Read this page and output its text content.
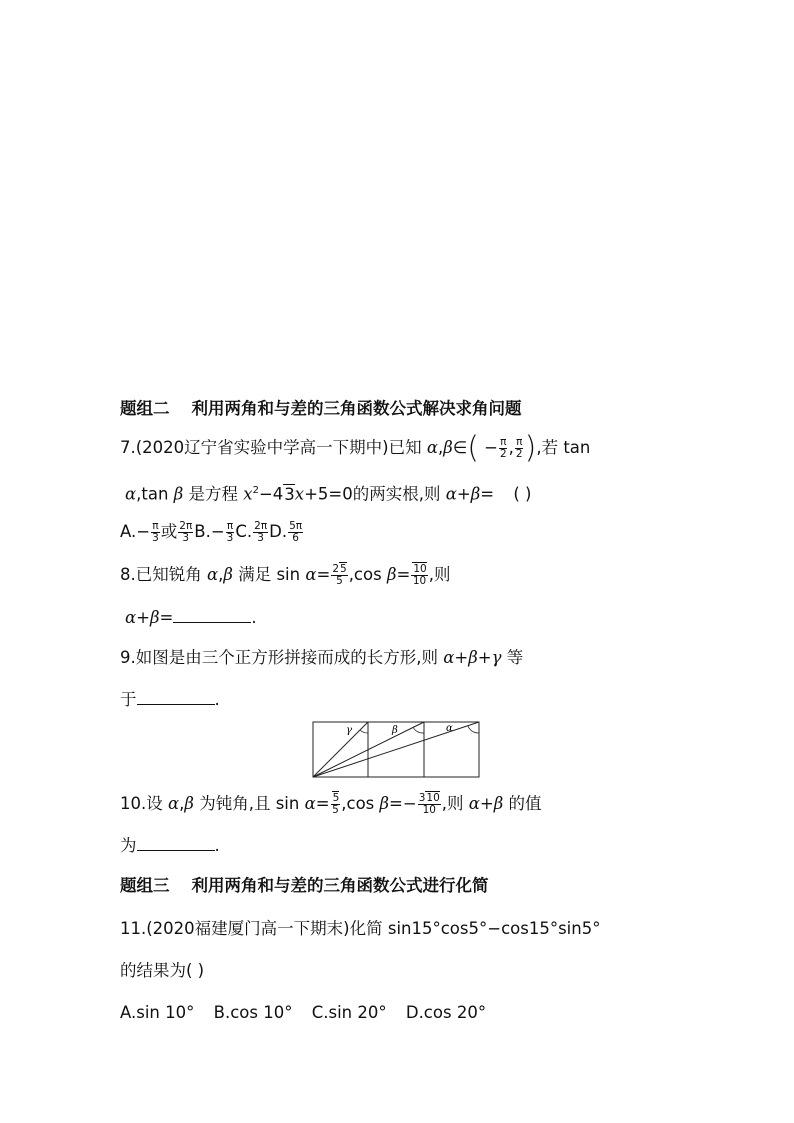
题组二 利用两角和与差的三角函数公式解决求角问题
7.(2020辽宁省实验中学高一下期中)已知 α,β∈( − $\frac{\pi}{2}$ , $\frac{\pi}{2}$ ),若 tan
α,tan β 是方程 $x^2-43x+5=0$的两实根,则 α+β= ( )
$A.- \frac{\pi}{3}$ 或 $\frac{2\pi}{3} B.- \frac{\pi}{3} C$. $\frac{2\pi}{3} D$. $\frac{5\pi}{6}$
8.已知锐角 α,β 满足 $\sin \alpha= \frac{25}{5} ,\cos$ $\beta= \frac{10}{10}$ ,则
α+β=	.
9.如图是由三个正方形拼接而成的长方形,则 α+β+γ 等
于	.
γ	β	α
10.设 α,β 为钝角,且 $\sin \alpha= \frac{5}{5} ,\cos$ $\beta=- \frac{310}{10}$ ,则 α+β 的值
为	.
题组三 利用两角和与差的三角函数公式进行化简
11.(2020福建厦门高一下期末)化简 sin15°cos5°−cos15°sin5°
的结果为( )
A.sin 10° B.cos 10° C.sin 20° D.cos 20°
